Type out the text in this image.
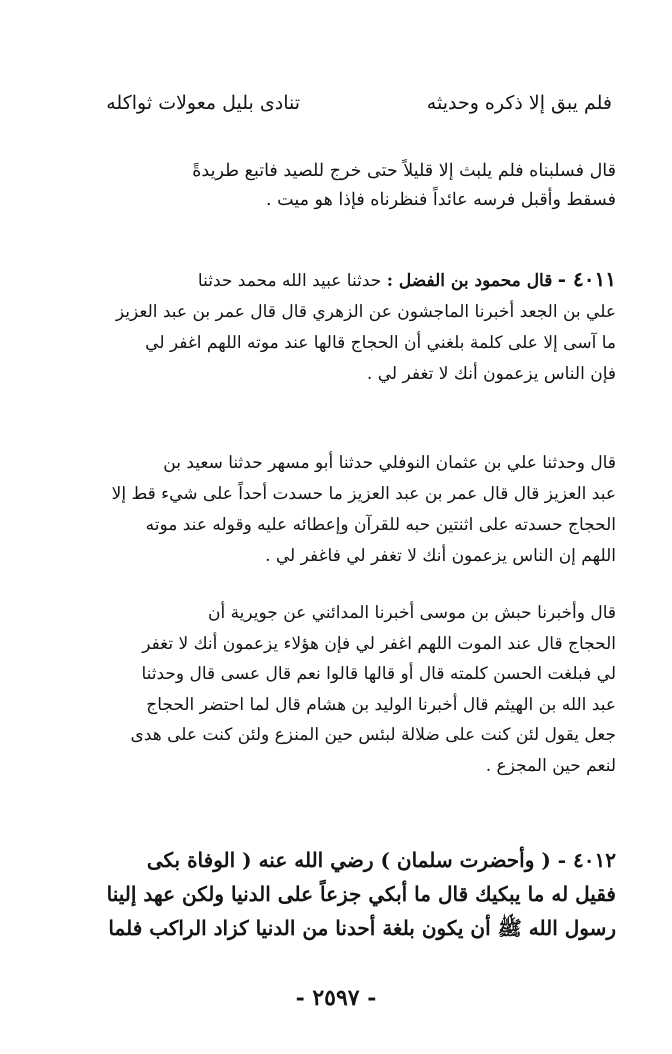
فلم يبق إلا ذكره وحديثه
تنادى بليل معولات ثواكله
قال فسلبناه فلم يلبث إلا قليلاً حتى خرج للصيد فاتبع طريدةً
فسقط وأقبل فرسه عائداً فنظرناه فإذا هو ميت .
٤٠١١ - قال محمود بن الفضل : حدثنا عبيد الله محمد حدثنا
علي بن الجعد أخبرنا الماجشون عن الزهري قال قال عمر بن عبد العزيز
ما آسى إلا على كلمة بلغني أن الحجاج قالها عند موته اللهم اغفر لي
فإن الناس يزعمون أنك لا تغفر لي .
قال وحدثنا علي بن عثمان النوفلي حدثنا أبو مسهر حدثنا سعيد بن
عبد العزيز قال قال عمر بن عبد العزيز ما حسدت أحداً على شيء قط إلا
الحجاج حسدته على اثنتين حبه للقرآن وإعطائه عليه وقوله عند موته
اللهم إن الناس يزعمون أنك لا تغفر لي فاغفر لي .
قال وأخبرنا حبش بن موسى أخبرنا المدائني عن جويرية أن
الحجاج قال عند الموت اللهم اغفر لي فإن هؤلاء يزعمون أنك لا تغفر
لي فبلغت الحسن كلمته قال أو قالها قالوا نعم قال عسى قال وحدثنا
عبد الله بن الهيثم قال أخبرنا الوليد بن هشام قال لما احتضر الحجاج
جعل يقول لئن كنت على ضلالة لبئس حين المنزع ولئن كنت على هدى
لنعم حين المجزع .
٤٠١٢ - ( وأحضرت سلمان ) رضي الله عنه ( الوفاة بكى
فقيل له ما يبكيك قال ما أبكي جزعاً على الدنيا ولكن عهد إلينا
رسول الله ﷺ أن يكون بلغة أحدنا من الدنيا كزاد الراكب فلما
- ٢٥٩٧ -
